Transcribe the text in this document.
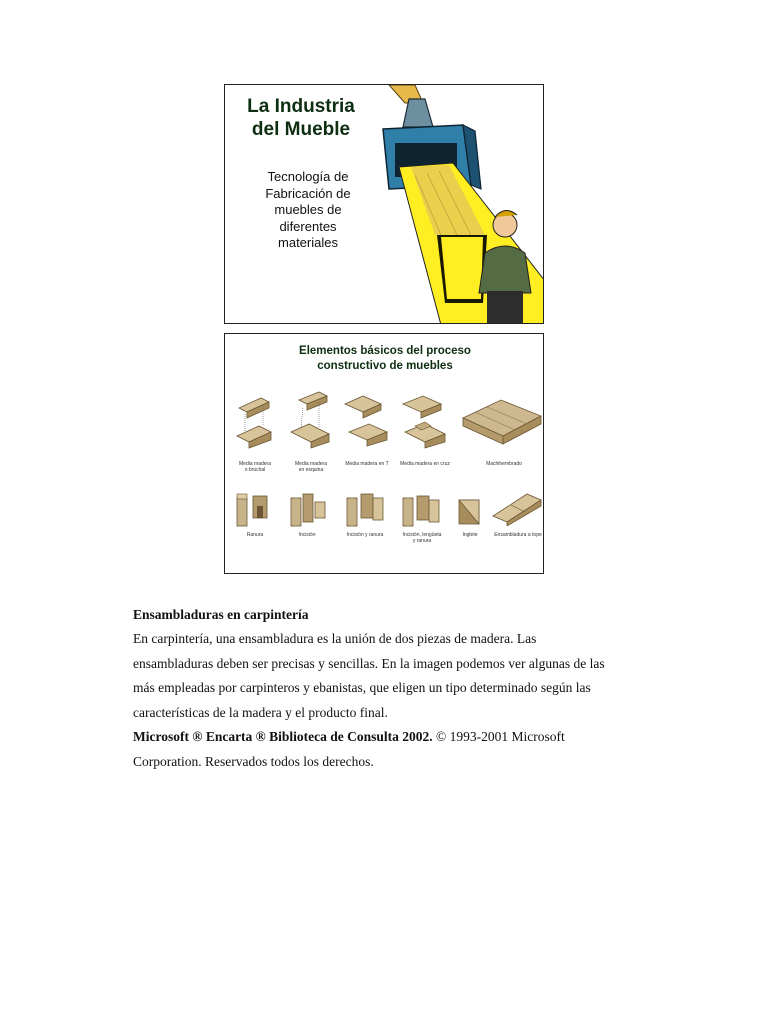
La Industria
del Mueble
Tecnología de
Fabricación de
muebles de
diferentes
materiales
Elementos básicos del proceso
constructivo de muebles
Media madera
o bruchal
Media madera
en esquina
Media madera en T	Media madera en cruz	Machihembrado
Ranura	Incisión	Incisión y ranura	Incisión, lengüeta
y ranura
Inglete	Ensambladura a tope

Ensambladuras en carpintería

En carpintería, una ensambladura es la unión de dos piezas de madera. Las

ensambladuras deben ser precisas y sencillas. En la imagen podemos ver algunas de las

más empleadas por carpinteros y ebanistas, que eligen un tipo determinado según las

características de la madera y el producto final.

Microsoft ® Encarta ® Biblioteca de Consulta 2002. © 1993-2001 Microsoft

Corporation. Reservados todos los derechos.
